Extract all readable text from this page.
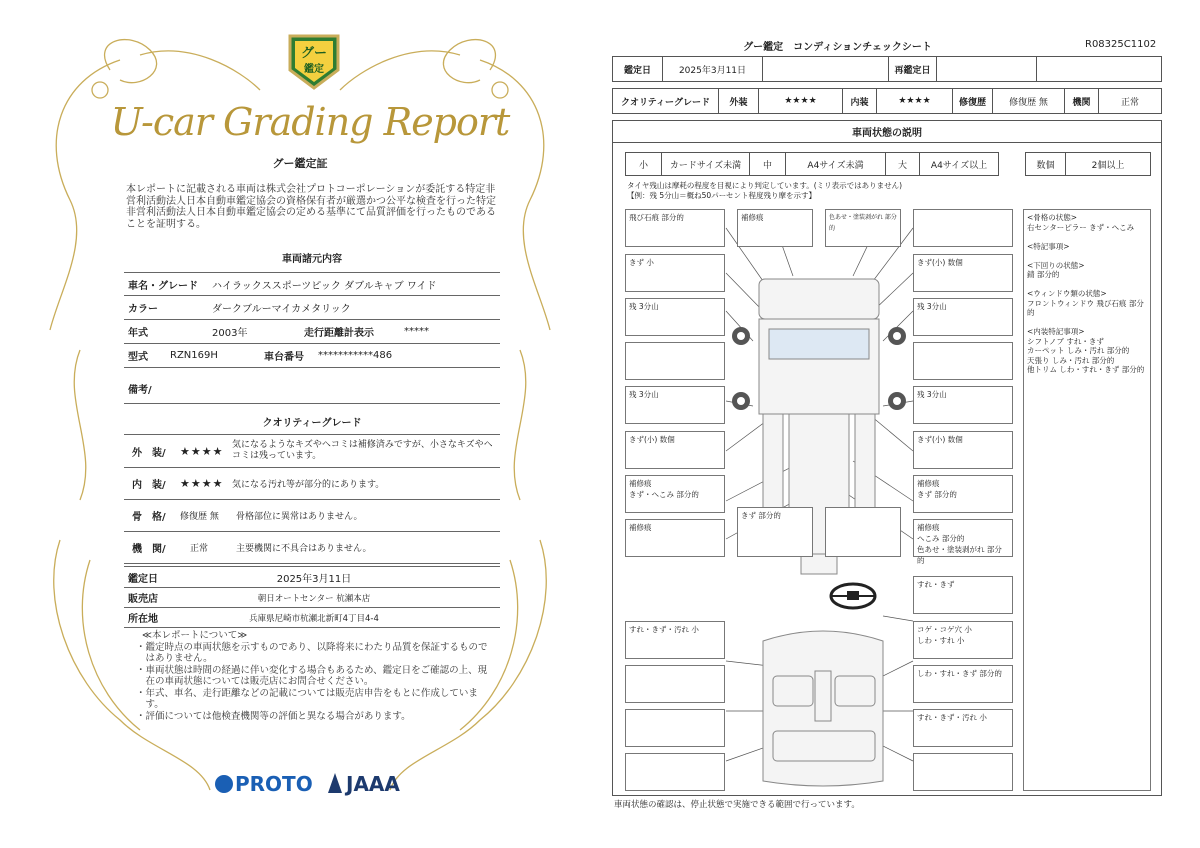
グー
鑑定
U-car Grading Report
グー鑑定証
本レポートに記載される車両は株式会社プロトコーポレーションが委託する特定非営利活動法人日本自動車鑑定協会の資格保有者が厳選かつ公平な検査を行った特定非営利活動法人日本自動車鑑定協会の定める基準にて品質評価を行ったものであることを証明する。
車両諸元内容
車名・グレード	ハイラックススポーツピック ダブルキャブ ワイド
カラー	ダークブルーマイカメタリック
年式	2003年	走行距離計表示	*****
型式	RZN169H	車台番号	***********486
備考/
クオリティーグレード
外　装/	★★★★ 気になるようなキズやヘコミは補修済みですが、小さなキズやヘコミは残っています。
内　装/	★★★★ 気になる汚れ等が部分的にあります。
骨　格/	修復歴 無	骨格部位に異常はありません。
機　関/	正常	主要機関に不具合はありません。
鑑定日	2025年3月11日
販売店	朝日オートセンター 杭瀬本店
所在地	兵庫県尼崎市杭瀬北新町4丁目4-4
≪本レポートについて≫
・ 鑑定時点の車両状態を示すものであり、以降将来にわたり品質を保証するものではありません。
・ 車両状態は時間の経過に伴い変化する場合もあるため、鑑定日をご確認の上、現在の車両状態については販売店にお問合せください。
・ 年式、車名、走行距離などの記載については販売店申告をもとに作成しています。
・ 評価については他検査機関等の評価と異なる場合があります。
PROTO	JAAA
グー鑑定　コンディションチェックシート	R08325C1102
鑑定日	2025年3月11日	再鑑定日
クオリティーグレード	外装	★★★★	内装	★★★★	修復歴	修復歴 無	機関	正常
車両状態の説明
小	カードサイズ未満	中	A4サイズ未満	大	A4サイズ以上	数個	2個以上
タイヤ残山は摩耗の程度を目視により判定しています。(ミリ表示ではありません)
【例：残 5分山＝概ね50パーセント程度残り摩を示す】
飛び石痕 部分的
きず 小
残 3分山
残 3分山
きず(小) 数個
補修痕
きず・へこみ 部分的
補修痕
補修痕	色あせ・塗装剥がれ 部分的
きず(小) 数個
残 3分山
残 3分山
きず(小) 数個
補修痕
きず 部分的
補修痕
へこみ 部分的
色あせ・塗装剥がれ 部分的
きず 部分的
すれ・きず
すれ・きず・汚れ 小	コゲ・コゲ穴 小
しわ・すれ 小
しわ・すれ・きず 部分的
すれ・きず・汚れ 小
<骨格の状態>
右センターピラー きず・へこみ

<特記事項>

<下回りの状態>
錆 部分的

<ウィンドウ類の状態>
フロントウィンドウ 飛び石痕 部分的

<内装特記事項>
シフトノブ すれ・きず
カーペット しみ・汚れ 部分的
天張り しみ・汚れ 部分的
他トリム しわ・すれ・きず 部分的
車両状態の確認は、停止状態で実施できる範囲で行っています。
